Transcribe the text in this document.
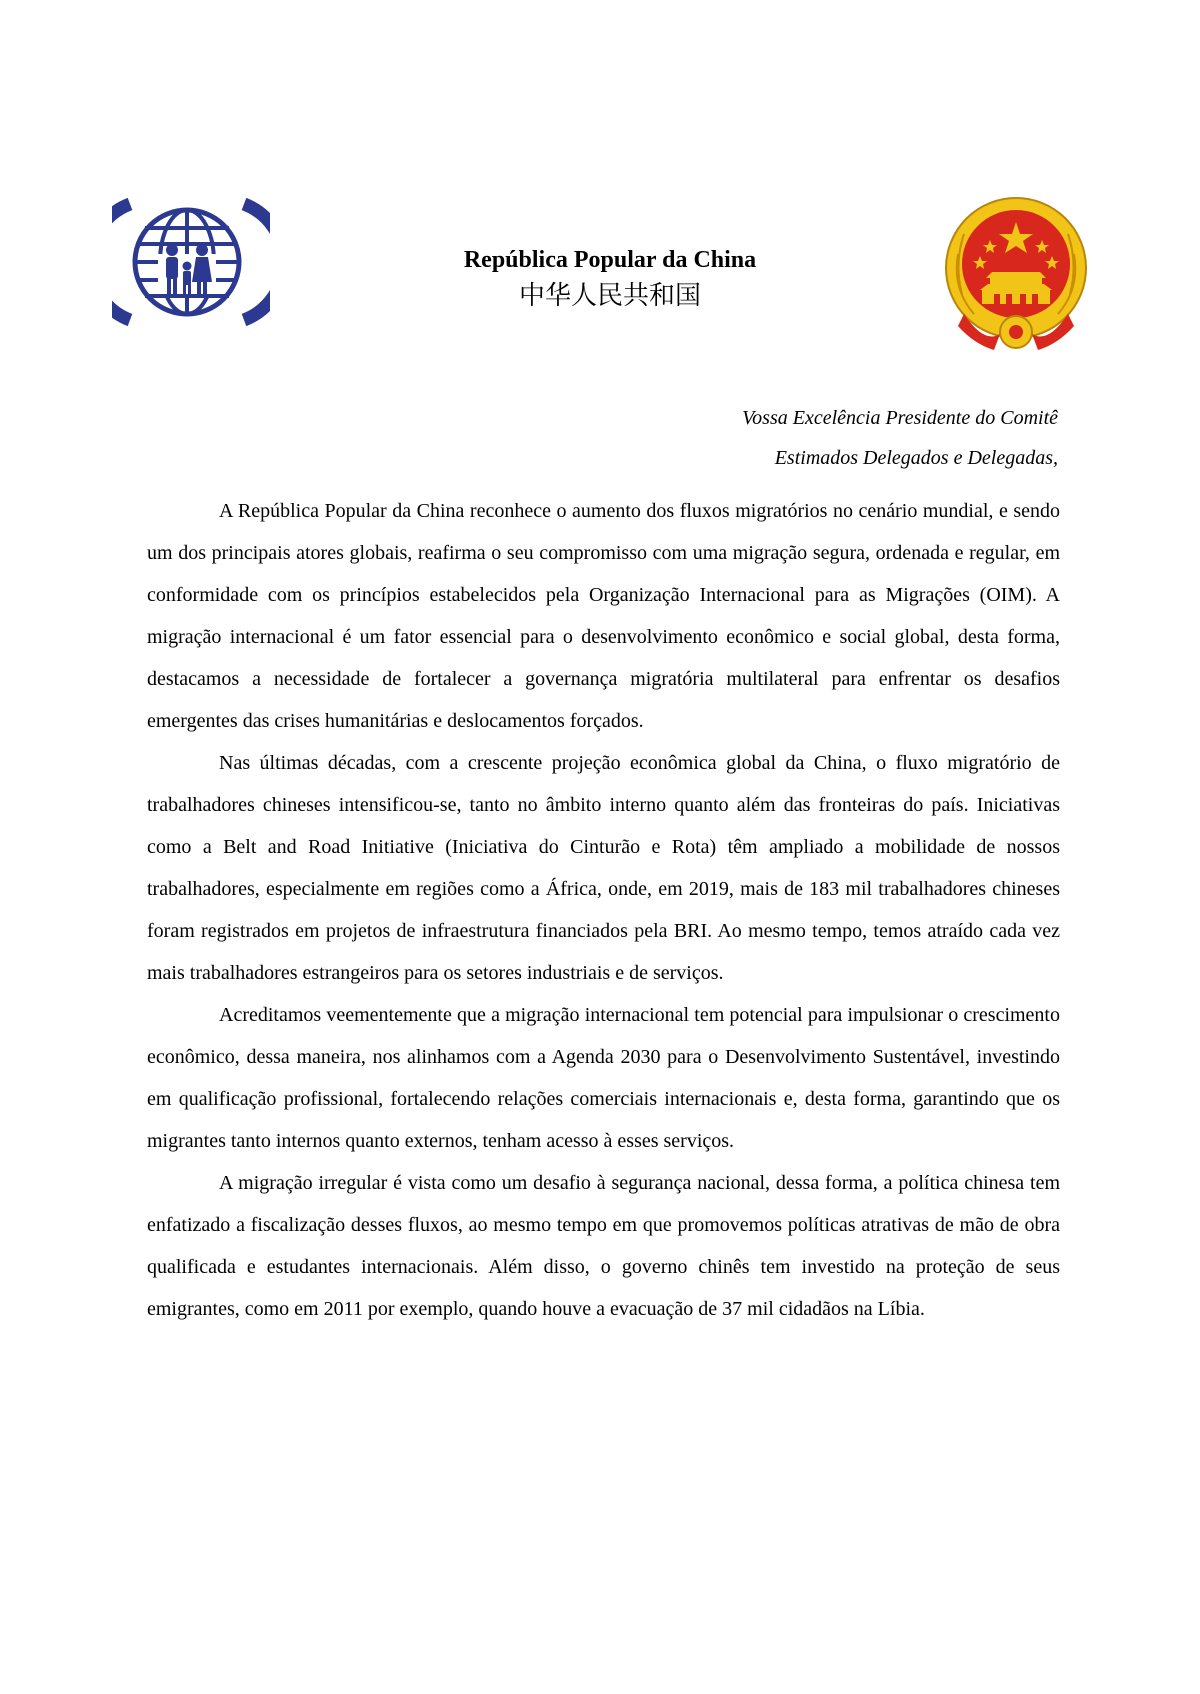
República Popular da China
中华人民共和国
Vossa Excelência Presidente do Comitê
Estimados Delegados e Delegadas,

A República Popular da China reconhece o aumento dos fluxos migratórios no cenário mundial, e sendo um dos principais atores globais, reafirma o seu compromisso com uma migração segura, ordenada e regular, em conformidade com os princípios estabelecidos pela Organização Internacional para as Migrações (OIM). A migração internacional é um fator essencial para o desenvolvimento econômico e social global, desta forma, destacamos a necessidade de fortalecer a governança migratória multilateral para enfrentar os desafios emergentes das crises humanitárias e deslocamentos forçados.

Nas últimas décadas, com a crescente projeção econômica global da China, o fluxo migratório de trabalhadores chineses intensificou-se, tanto no âmbito interno quanto além das fronteiras do país. Iniciativas como a Belt and Road Initiative (Iniciativa do Cinturão e Rota) têm ampliado a mobilidade de nossos trabalhadores, especialmente em regiões como a África, onde, em 2019, mais de 183 mil trabalhadores chineses foram registrados em projetos de infraestrutura financiados pela BRI. Ao mesmo tempo, temos atraído cada vez mais trabalhadores estrangeiros para os setores industriais e de serviços.

Acreditamos veementemente que a migração internacional tem potencial para impulsionar o crescimento econômico, dessa maneira, nos alinhamos com a Agenda 2030 para o Desenvolvimento Sustentável, investindo em qualificação profissional, fortalecendo relações comerciais internacionais e, desta forma, garantindo que os migrantes tanto internos quanto externos, tenham acesso à esses serviços.

A migração irregular é vista como um desafio à segurança nacional, dessa forma, a política chinesa tem enfatizado a fiscalização desses fluxos, ao mesmo tempo em que promovemos políticas atrativas de mão de obra qualificada e estudantes internacionais. Além disso, o governo chinês tem investido na proteção de seus emigrantes, como em 2011 por exemplo, quando houve a evacuação de 37 mil cidadãos na Líbia.
